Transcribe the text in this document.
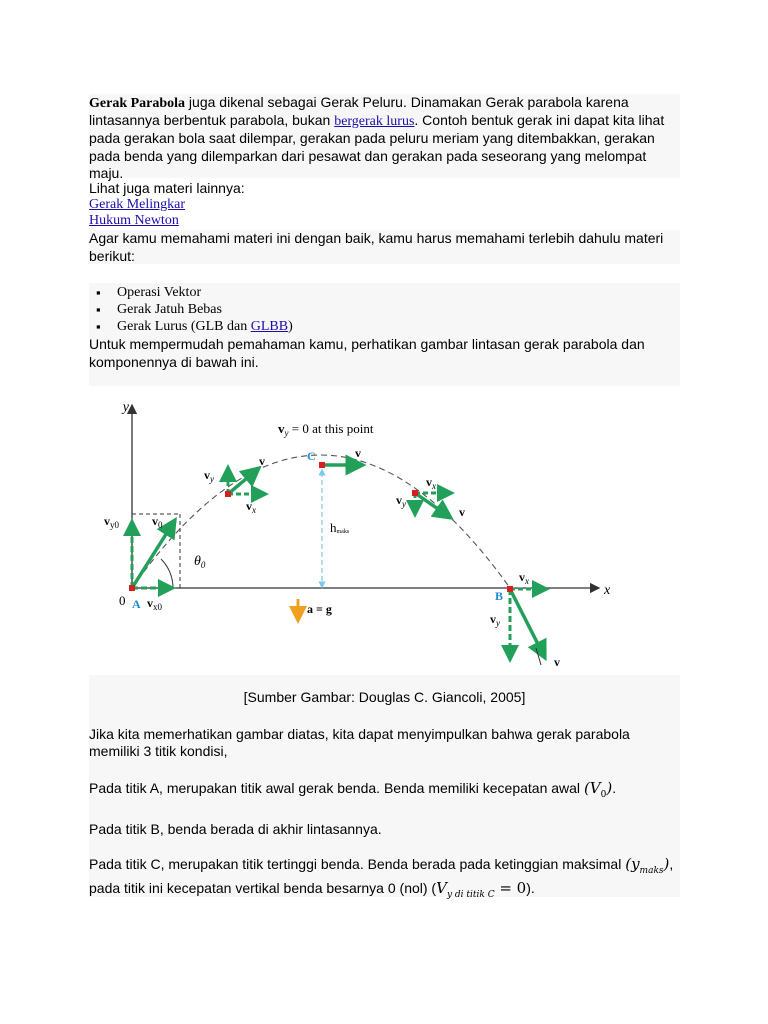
Gerak Parabola juga dikenal sebagai Gerak Peluru. Dinamakan Gerak parabola karena lintasannya berbentuk parabola, bukan bergerak lurus. Contoh bentuk gerak ini dapat kita lihat pada gerakan bola saat dilempar, gerakan pada peluru meriam yang ditembakkan, gerakan pada benda yang dilemparkan dari pesawat dan gerakan pada seseorang yang melompat maju.
Lihat juga materi lainnya:
Gerak Melingkar
Hukum Newton
Agar kamu memahami materi ini dengan baik, kamu harus memahami terlebih dahulu materi berikut:
▪ Operasi Vektor
▪ Gerak Jatuh Bebas
▪ Gerak Lurus (GLB dan GLBB)
Untuk mempermudah pemahaman kamu, perhatikan gambar lintasan gerak parabola dan komponennya di bawah ini.
y
x
0
$\theta_0$
$v_{y0}$	$v_0$
$v_{x0}$
A
$v_y$
v
$v_x$
$v_y = 0$ at this point
C	v
hmaks
$v_x$
$v_y$
v
B
$v_x$
$v_y$
v
a = g
[Sumber Gambar: Douglas C. Giancoli, 2005]
Jika kita memerhatikan gambar diatas, kita dapat menyimpulkan bahwa gerak parabola memiliki 3 titik kondisi,
Pada titik A, merupakan titik awal gerak benda. Benda memiliki kecepatan awal $(V_0)$.
Pada titik B, benda berada di akhir lintasannya.
Pada titik C, merupakan titik tertinggi benda. Benda berada pada ketinggian maksimal $(y_{maks})$, pada titik ini kecepatan vertikal benda besarnya 0 (nol) $(V_{y di titik C} = 0)$.
